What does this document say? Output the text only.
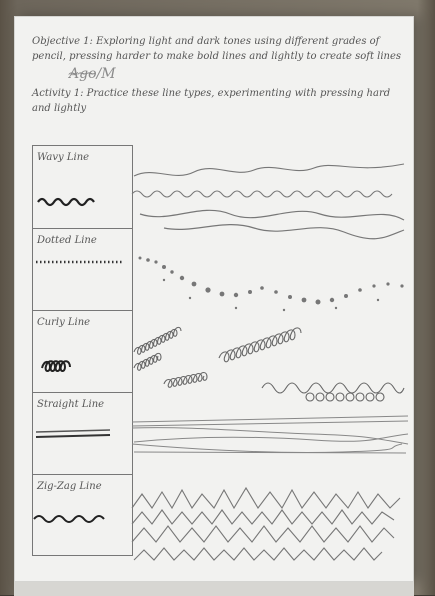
Objective 1: Exploring light and dark tones using different grades of pencil, pressing harder to make bold lines and lightly to create soft lines
A̴g̴o̴/M
Activity 1: Practice these line types, experimenting with pressing hard and lightly
Wavy Line
Dotted Line
Curly Line
Straight Line
Zig-Zag Line
